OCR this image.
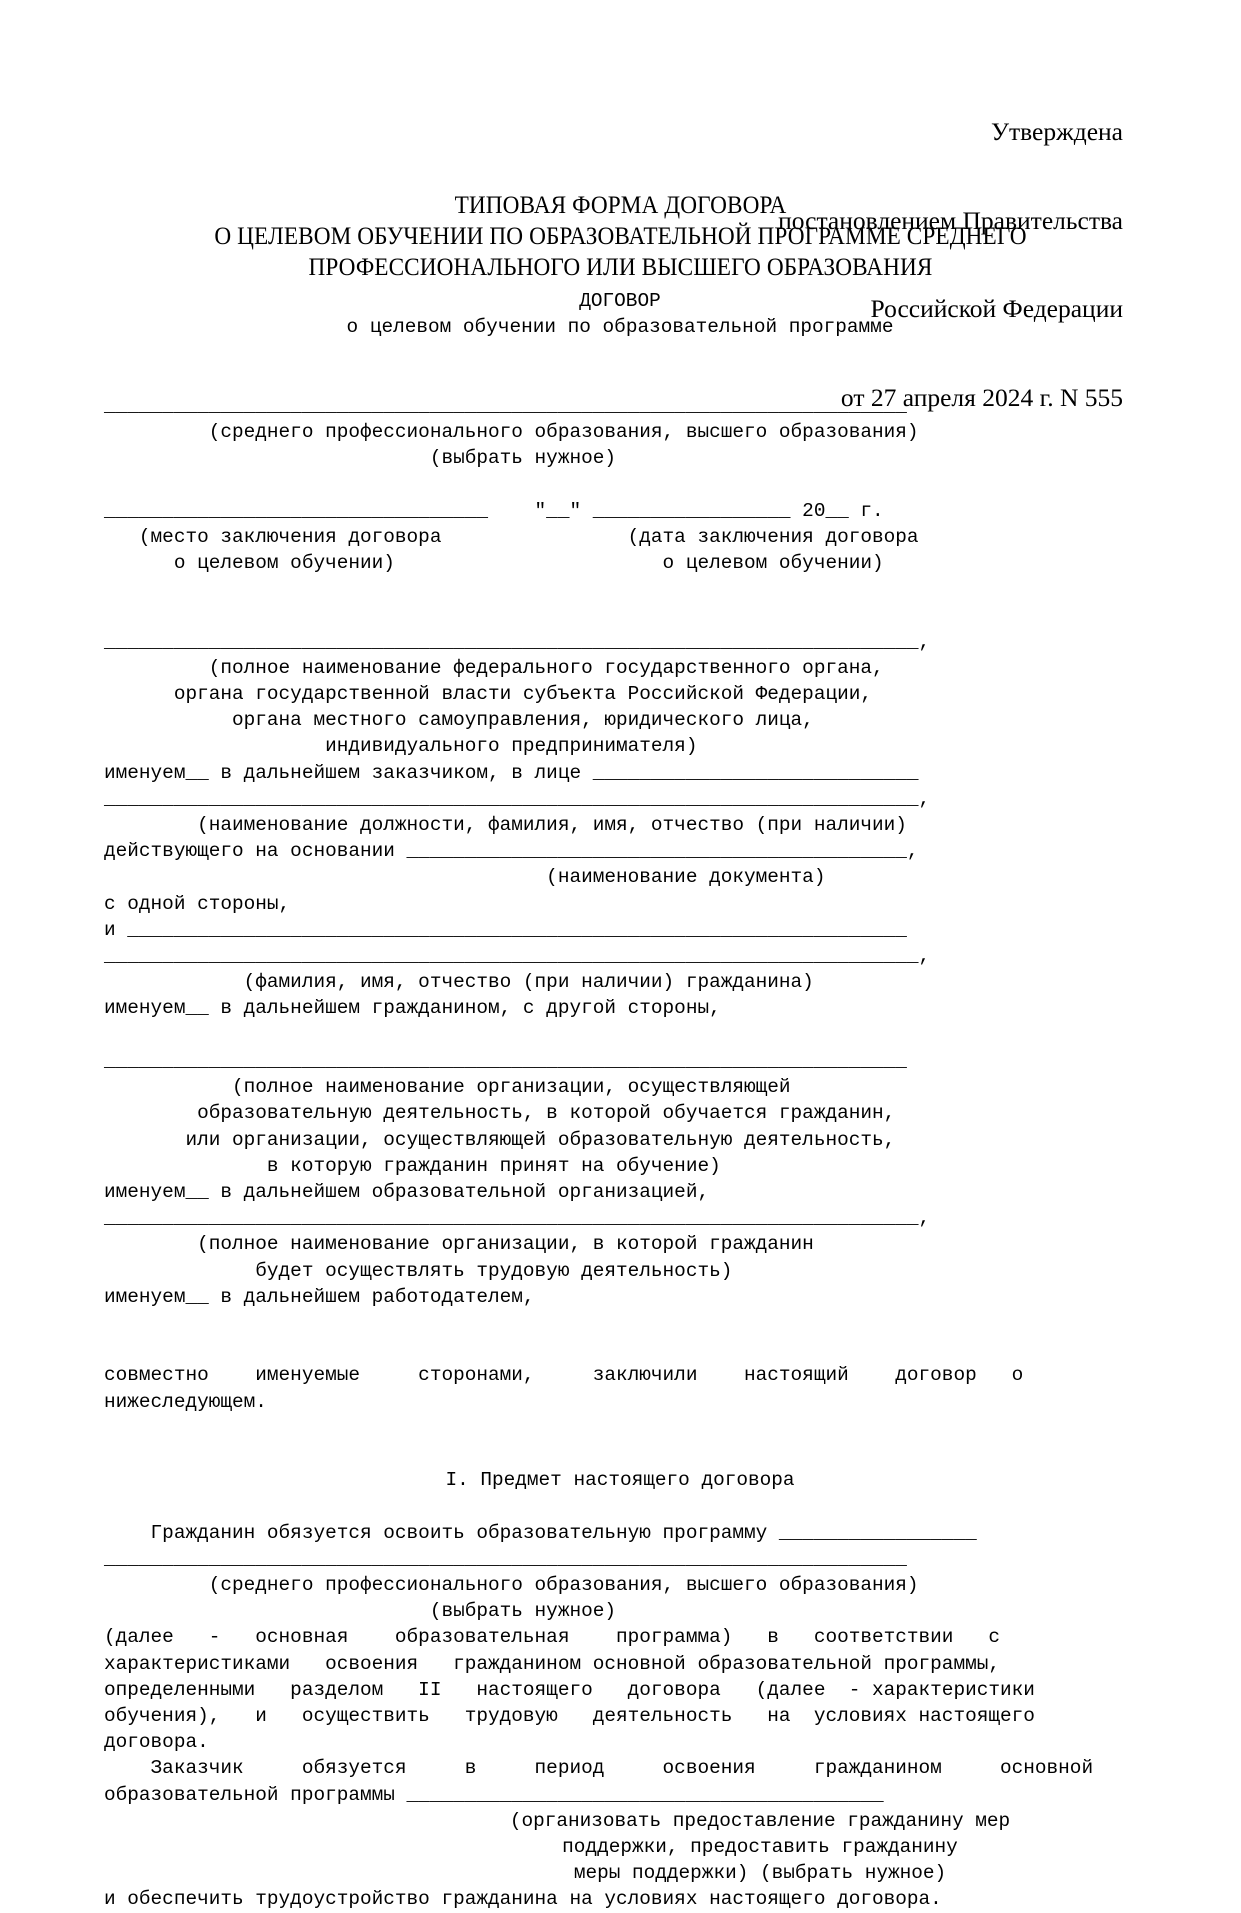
Утверждена

постановлением Правительства

Российской Федерации

от 27 апреля 2024 г. N 555

ТИПОВАЯ ФОРМА ДОГОВОРА
О ЦЕЛЕВОМ ОБУЧЕНИИ ПО ОБРАЗОВАТЕЛЬНОЙ ПРОГРАММЕ СРЕДНЕГО
ПРОФЕССИОНАЛЬНОГО ИЛИ ВЫСШЕГО ОБРАЗОВАНИЯ
ДОГОВОР
о целевом обучении по образовательной программе

_____________________________________________________________________
(среднего профессионального образования, высшего образования)
(выбрать нужное)

_________________________________    "__" _________________ 20__ г.
(место заключения договора                (дата заключения договора
о целевом обучении)                       о целевом обучении)

______________________________________________________________________,
(полное наименование федерального государственного органа,
органа государственной власти субъекта Российской Федерации,
органа местного самоуправления, юридического лица,
индивидуального предпринимателя)
именуем__ в дальнейшем заказчиком, в лице ____________________________
______________________________________________________________________,
(наименование должности, фамилия, имя, отчество (при наличии)
действующего на основании ___________________________________________,
(наименование документа)
с одной стороны,
и ___________________________________________________________________
______________________________________________________________________,
(фамилия, имя, отчество (при наличии) гражданина)
именуем__ в дальнейшем гражданином, с другой стороны,

_____________________________________________________________________
(полное наименование организации, осуществляющей
образовательную деятельность, в которой обучается гражданин,
или организации, осуществляющей образовательную деятельность,
в которую гражданин принят на обучение)
именуем__ в дальнейшем образовательной организацией,
______________________________________________________________________,
(полное наименование организации, в которой гражданин
будет осуществлять трудовую деятельность)
именуем__ в дальнейшем работодателем,

совместно    именуемые     сторонами,     заключили    настоящий    договор   о
нижеследующем.

I. Предмет настоящего договора

Гражданин обязуется освоить образовательную программу _________________
_____________________________________________________________________
(среднего профессионального образования, высшего образования)
(выбрать нужное)
(далее   -   основная    образовательная    программа)   в   соответствии   с
характеристиками   освоения   гражданином основной образовательной программы,
определенными   разделом   II   настоящего   договора   (далее  - характеристики
обучения),   и   осуществить   трудовую   деятельность   на  условиях настоящего
договора.
Заказчик     обязуется     в     период     освоения     гражданином     основной
образовательной программы _________________________________________
(организовать предоставление гражданину мер
поддержки, предоставить гражданину
меры поддержки) (выбрать нужное)
и обеспечить трудоустройство гражданина на условиях настоящего договора.
